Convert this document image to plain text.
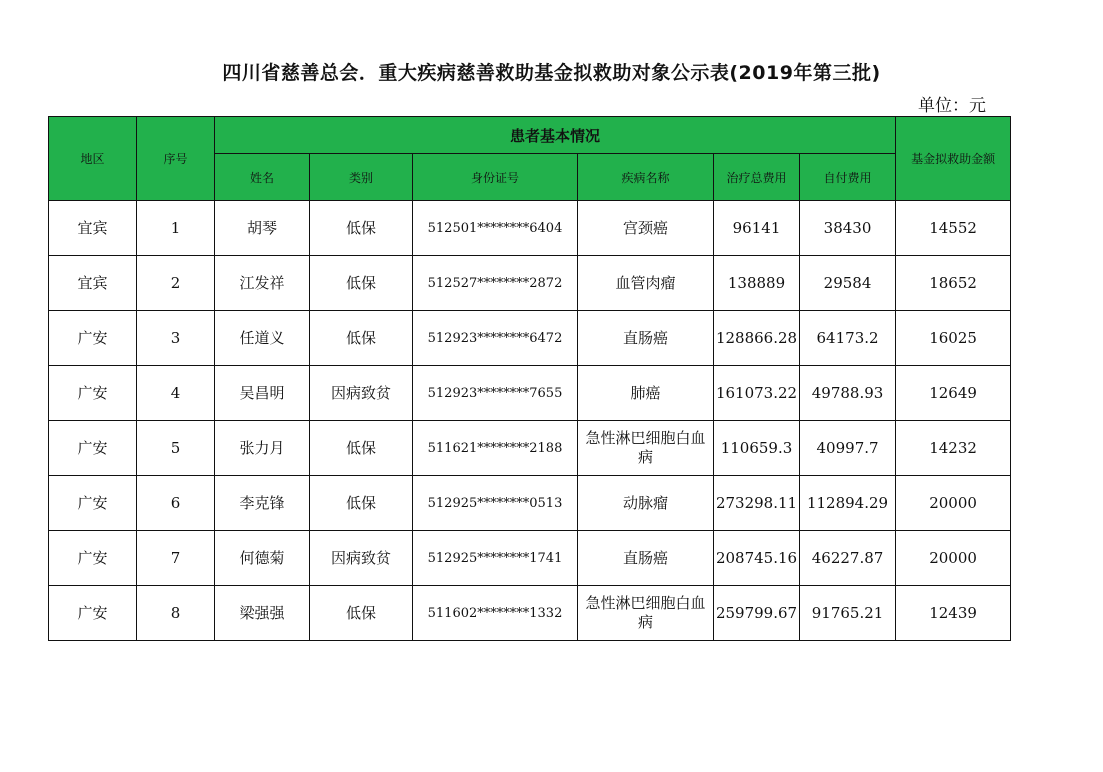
四川省慈善总会．重大疾病慈善救助基金拟救助对象公示表(2019年第三批)
单位：元
地区	序号	患者基本情况						基金拟救助金额
		姓名	类别	身份证号	疾病名称	治疗总费用	自付费用	
宜宾	1	胡琴	低保	512501********6404	宫颈癌	96141	38430	14552
宜宾	2	江发祥	低保	512527********2872	血管肉瘤	138889	29584	18652
广安	3	任道义	低保	512923********6472	直肠癌	128866.28	64173.2	16025
广安	4	吴昌明	因病致贫	512923********7655	肺癌	161073.22	49788.93	12649
广安	5	张力月	低保	511621********2188	急性淋巴细胞白血病	110659.3	40997.7	14232
广安	6	李克锋	低保	512925********0513	动脉瘤	273298.11	112894.29	20000
广安	7	何德菊	因病致贫	512925********1741	直肠癌	208745.16	46227.87	20000
广安	8	梁强强	低保	511602********1332	急性淋巴细胞白血病	259799.67	91765.21	12439
